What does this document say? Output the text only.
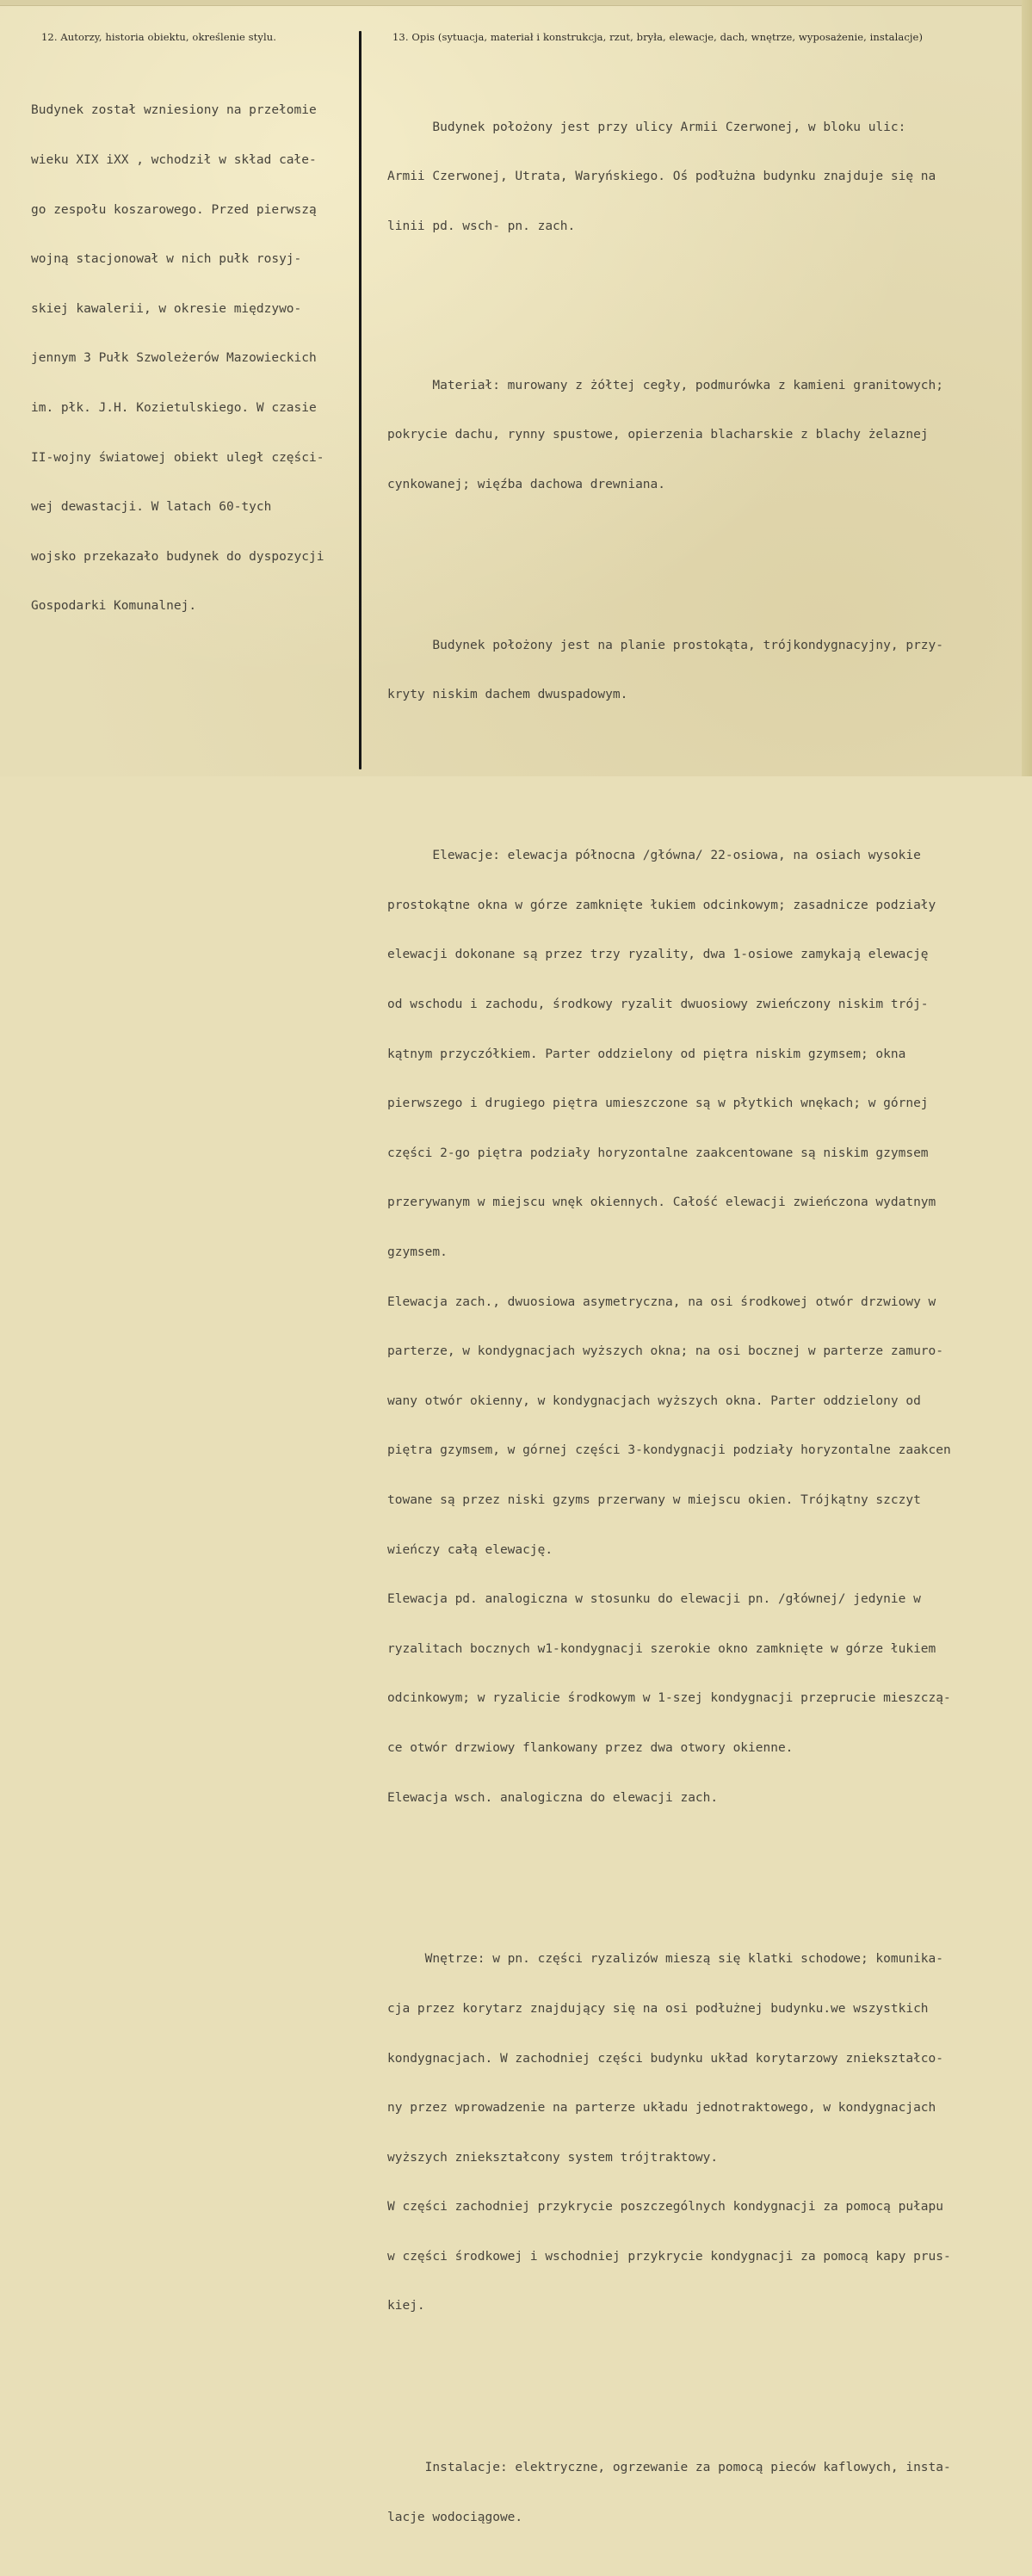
12. Autorzy, historia obiektu, określenie stylu.	13. Opis (sytuacja, materiał i konstrukcja, rzut, bryła, elewacje, dach, wnętrze, wyposażenie, instalacje)

Budynek został wzniesiony na przełomie

wieku XIX iXX , wchodził w skład całe-

go zespołu koszarowego. Przed pierwszą

wojną stacjonował w nich pułk rosyj-

skiej kawalerii, w okresie międzywo-

jennym 3 Pułk Szwoleżerów Mazowieckich

im. płk. J.H. Kozietulskiego. W czasie

II-wojny światowej obiekt uległ części-

wej dewastacji. W latach 60-tych

wojsko przekazało budynek do dyspozycji

Gospodarki Komunalnej.

Budynek położony jest przy ulicy Armii Czerwonej, w bloku ulic:

Armii Czerwonej, Utrata, Waryńskiego. Oś podłużna budynku znajduje się na

linii pd. wsch- pn. zach.

Materiał: murowany z żółtej cegły, podmurówka z kamieni granitowych;

pokrycie dachu, rynny spustowe, opierzenia blacharskie z blachy żelaznej

cynkowanej; więźba dachowa drewniana.

Budynek położony jest na planie prostokąta, trójkondygnacyjny, przy-

kryty niskim dachem dwuspadowym.

Elewacje: elewacja północna /główna/ 22-osiowa, na osiach wysokie

prostokątne okna w górze zamknięte łukiem odcinkowym; zasadnicze podziały

elewacji dokonane są przez trzy ryzality, dwa 1-osiowe zamykają elewację

od wschodu i zachodu, środkowy ryzalit dwuosiowy zwieńczony niskim trój-

kątnym przyczółkiem. Parter oddzielony od piętra niskim gzymsem; okna

pierwszego i drugiego piętra umieszczone są w płytkich wnękach; w górnej

części 2-go piętra podziały horyzontalne zaakcentowane są niskim gzymsem

przerywanym w miejscu wnęk okiennych. Całość elewacji zwieńczona wydatnym

gzymsem.

Elewacja zach., dwuosiowa asymetryczna, na osi środkowej otwór drzwiowy w

parterze, w kondygnacjach wyższych okna; na osi bocznej w parterze zamuro-

wany otwór okienny, w kondygnacjach wyższych okna. Parter oddzielony od

piętra gzymsem, w górnej części 3-kondygnacji podziały horyzontalne zaakcen

towane są przez niski gzyms przerwany w miejscu okien. Trójkątny szczyt

wieńczy całą elewację.

Elewacja pd. analogiczna w stosunku do elewacji pn. /głównej/ jedynie w

ryzalitach bocznych w1-kondygnacji szerokie okno zamknięte w górze łukiem

odcinkowym; w ryzalicie środkowym w 1-szej kondygnacji przeprucie mieszczą-

ce otwór drzwiowy flankowany przez dwa otwory okienne.

Elewacja wsch. analogiczna do elewacji zach.

Wnętrze: w pn. części ryzalizów mieszą się klatki schodowe; komunika-

cja przez korytarz znajdujący się na osi podłużnej budynku.we wszystkich

kondygnacjach. W zachodniej części budynku układ korytarzowy zniekształco-

ny przez wprowadzenie na parterze układu jednotraktowego, w kondygnacjach

wyższych zniekształcony system trójtraktowy.

W części zachodniej przykrycie poszczególnych kondygnacji za pomocą pułapu

w części środkowej i wschodniej przykrycie kondygnacji za pomocą kapy prus-

kiej.

Instalacje: elektryczne, ogrzewanie za pomocą pieców kaflowych, insta-

lacje wodociągowe.
